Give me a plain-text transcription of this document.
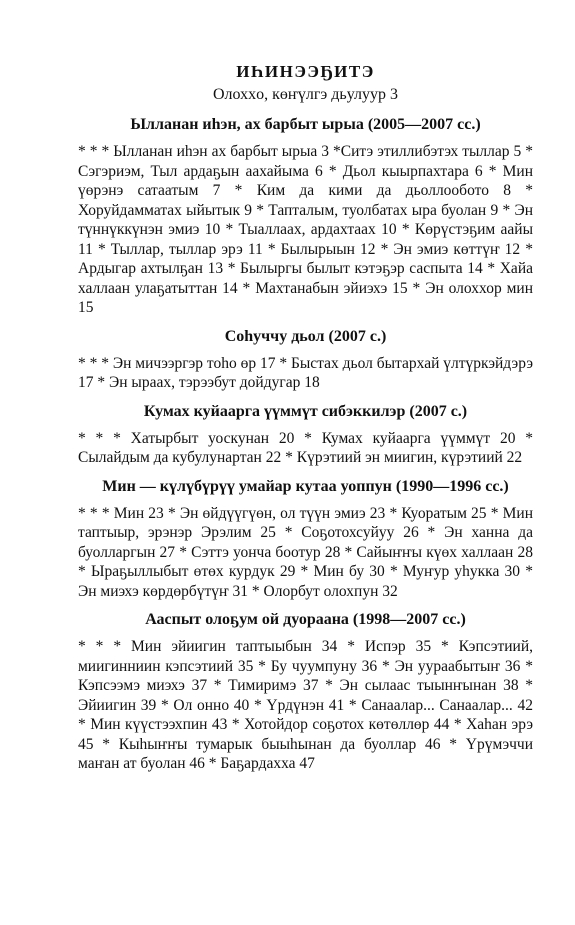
ИҺИНЭЭҔИТЭ
Олохxo, көҥүлгэ дьулуур 3
Ылланан иһэн, ах барбыт ырыа (2005—2007 сс.)
* * * Ылланан иһэн ах барбыт ырыа 3 *Ситэ этиллибэтэх тыллар 5 * Сэгэриэм, Тыл ардаҕын аахайыма 6 * Дьол кыырпахтара 6 * Мин үөрэнэ сатаатым 7 * Ким да кими да дьоллообото 8 * Хоруйдамматах ыйытык 9 * Тапталым, туолбатах ыра буолан 9 * Эн түннүккүнэн эмиэ 10 * Тыаллаах, ардахтаах 10 * Көрүстэҕим аайы 11 * Тыллар, тыллар эрэ 11 * Былырыын 12 * Эн эмиэ көттүҥ 12 * Ардыгар ахтылҕан 13 * Былыргы былыт кэтэҕэр саспыта 14 * Хайа халлаан улаҕатыттан 14 * Махтанабын эйиэхэ 15 * Эн олоххор мин 15
Соһуччу дьол (2007 с.)
* * * Эн мичээргэр тоһо өр 17 * Быстах дьол бытархай үлтүркэйдэрэ 17 * Эн ыраах, тэрээбут дойдугар 18
Кумах куйаарга үүммүт сибэккилэр (2007 с.)
* * * Хатырбыт уоскунан 20 * Кумах куйаарга үүммүт 20 * Сылайдым да кубулунартан 22 * Күрэтиий эн миигин, күрэтиий 22
Мин — күлүбүрүү умайар кутаа уоппун (1990—1996 сс.)
* * * Мин 23 * Эн өйдүүгүөн, ол түүн эмиэ 23 * Куоратым 25 * Мин таптыыр, эрэнэр Эрэлим 25 * Соҕотохсуйуу 26 * Эн ханна да буолларгын 27 * Сэттэ уонча боотур 28 * Сайыҥҥы күөх халлаан 28 * Ыраҕыллыбыт өтөх курдук 29 * Мин бу 30 * Муҥур уһукка 30 * Эн миэхэ көрдөрбүтүҥ 31 * Олорбут олохпун 32
Ааспыт олоҕум ой дуораана (1998—2007 сс.)
* * * Мин эйиигин таптыыбын 34 * Испэр 35 * Кэпсэтиий, миигинниин кэпсэтиий 35 * Бу чуумпуну 36 * Эн уураабытыҥ 36 * Кэпсээмэ миэхэ 37 * Тимиримэ 37 * Эн сылаас тыынҥынан 38 * Эйиигин 39 * Ол онно 40 * Үрдүнэн 41 * Санаалар... Санаалар... 42 * Мин күүстээхпин 43 * Хотойдор соҕотох көтөллөр 44 * Хаһан эрэ 45 * Кыһыҥҥы тумарык быыһынан да буоллар 46 * Үрүмэччи маҥан ат буолан 46 * Баҕардахха 47
